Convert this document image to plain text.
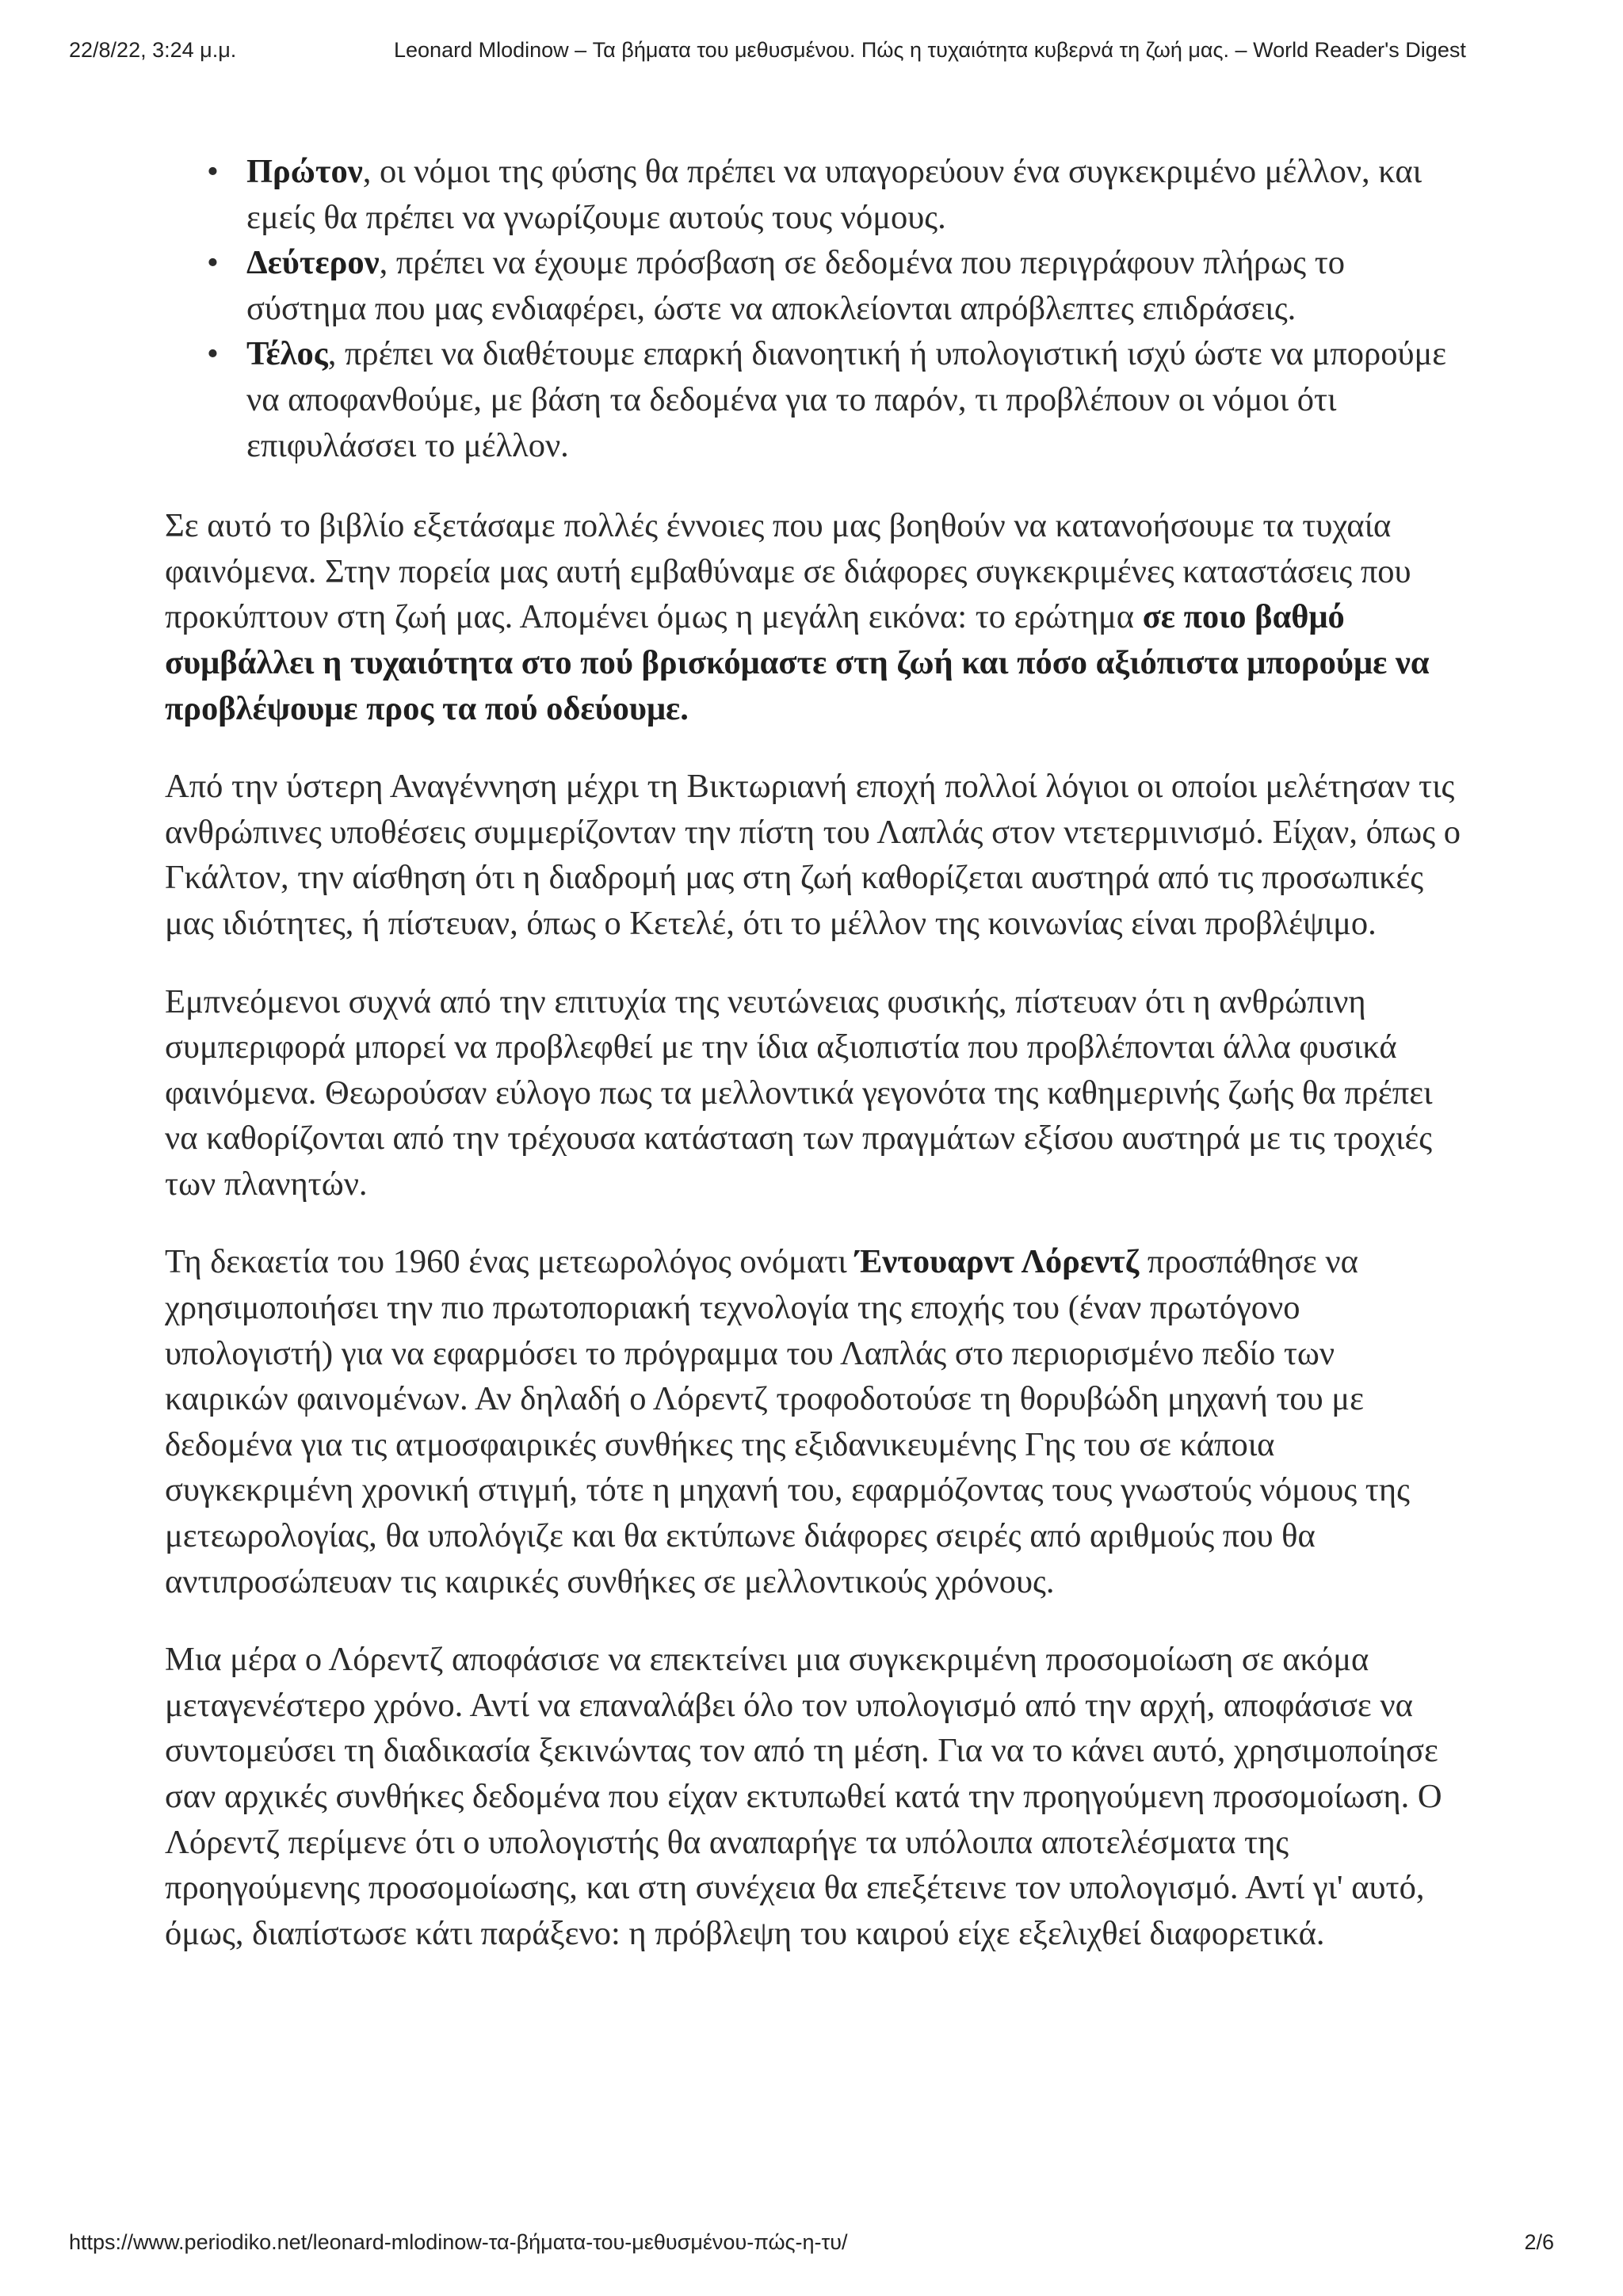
22/8/22, 3:24 μ.μ.	Leonard Mlodinow – Τα βήματα του μεθυσμένου. Πώς η τυχαιότητα κυβερνά τη ζωή μας. – World Reader's Digest
• Πρώτον, οι νόμοι της φύσης θα πρέπει να υπαγορεύουν ένα συγκεκριμένο μέλλον, και εμείς θα πρέπει να γνωρίζουμε αυτούς τους νόμους.
• Δεύτερον, πρέπει να έχουμε πρόσβαση σε δεδομένα που περιγράφουν πλήρως το σύστημα που μας ενδιαφέρει, ώστε να αποκλείονται απρόβλεπτες επιδράσεις.
• Τέλος, πρέπει να διαθέτουμε επαρκή διανοητική ή υπολογιστική ισχύ ώστε να μπορούμε να αποφανθούμε, με βάση τα δεδομένα για το παρόν, τι προβλέπουν οι νόμοι ότι επιφυλάσσει το μέλλον.

Σε αυτό το βιβλίο εξετάσαμε πολλές έννοιες που μας βοηθούν να κατανοήσουμε τα τυχαία φαινόμενα. Στην πορεία μας αυτή εμβαθύναμε σε διάφορες συγκεκριμένες καταστάσεις που προκύπτουν στη ζωή μας. Απομένει όμως η μεγάλη εικόνα: το ερώτημα σε ποιο βαθμό συμβάλλει η τυχαιότητα στο πού βρισκόμαστε στη ζωή και πόσο αξιόπιστα μπορούμε να προβλέψουμε προς τα πού οδεύουμε.

Από την ύστερη Αναγέννηση μέχρι τη Βικτωριανή εποχή πολλοί λόγιοι οι οποίοι μελέτησαν τις ανθρώπινες υποθέσεις συμμερίζονταν την πίστη του Λαπλάς στον ντετερμινισμό. Είχαν, όπως ο Γκάλτον, την αίσθηση ότι η διαδρομή μας στη ζωή καθορίζεται αυστηρά από τις προσωπικές μας ιδιότητες, ή πίστευαν, όπως ο Κετελέ, ότι το μέλλον της κοινωνίας είναι προβλέψιμο.

Εμπνεόμενοι συχνά από την επιτυχία της νευτώνειας φυσικής, πίστευαν ότι η ανθρώπινη συμπεριφορά μπορεί να προβλεφθεί με την ίδια αξιοπιστία που προβλέπονται άλλα φυσικά φαινόμενα. Θεωρούσαν εύλογο πως τα μελλοντικά γεγονότα της καθημερινής ζωής θα πρέπει να καθορίζονται από την τρέχουσα κατάσταση των πραγμάτων εξίσου αυστηρά με τις τροχιές των πλανητών.

Τη δεκαετία του 1960 ένας μετεωρολόγος ονόματι Έντουαρντ Λόρεντζ προσπάθησε να χρησιμοποιήσει την πιο πρωτοποριακή τεχνολογία της εποχής του (έναν πρωτόγονο υπολογιστή) για να εφαρμόσει το πρόγραμμα του Λαπλάς στο περιορισμένο πεδίο των καιρικών φαινομένων. Αν δηλαδή ο Λόρεντζ τροφοδοτούσε τη θορυβώδη μηχανή του με δεδομένα για τις ατμοσφαιρικές συνθήκες της εξιδανικευμένης Γης του σε κάποια συγκεκριμένη χρονική στιγμή, τότε η μηχανή του, εφαρμόζοντας τους γνωστούς νόμους της μετεωρολογίας, θα υπολόγιζε και θα εκτύπωνε διάφορες σειρές από αριθμούς που θα αντιπροσώπευαν τις καιρικές συνθήκες σε μελλοντικούς χρόνους.

Μια μέρα ο Λόρεντζ αποφάσισε να επεκτείνει μια συγκεκριμένη προσομοίωση σε ακόμα μεταγενέστερο χρόνο. Αντί να επαναλάβει όλο τον υπολογισμό από την αρχή, αποφάσισε να συντομεύσει τη διαδικασία ξεκινώντας τον από τη μέση. Για να το κάνει αυτό, χρησιμοποίησε σαν αρχικές συνθήκες δεδομένα που είχαν εκτυπωθεί κατά την προηγούμενη προσομοίωση. Ο Λόρεντζ περίμενε ότι ο υπολογιστής θα αναπαρήγε τα υπόλοιπα αποτελέσματα της προηγούμενης προσομοίωσης, και στη συνέχεια θα επεξέτεινε τον υπολογισμό. Αντί γι' αυτό, όμως, διαπίστωσε κάτι παράξενο: η πρόβλεψη του καιρού είχε εξελιχθεί διαφορετικά.

https://www.periodiko.net/leonard-mlodinow-τα-βήματα-του-μεθυσμένου-πώς-η-τυ/	2/6
